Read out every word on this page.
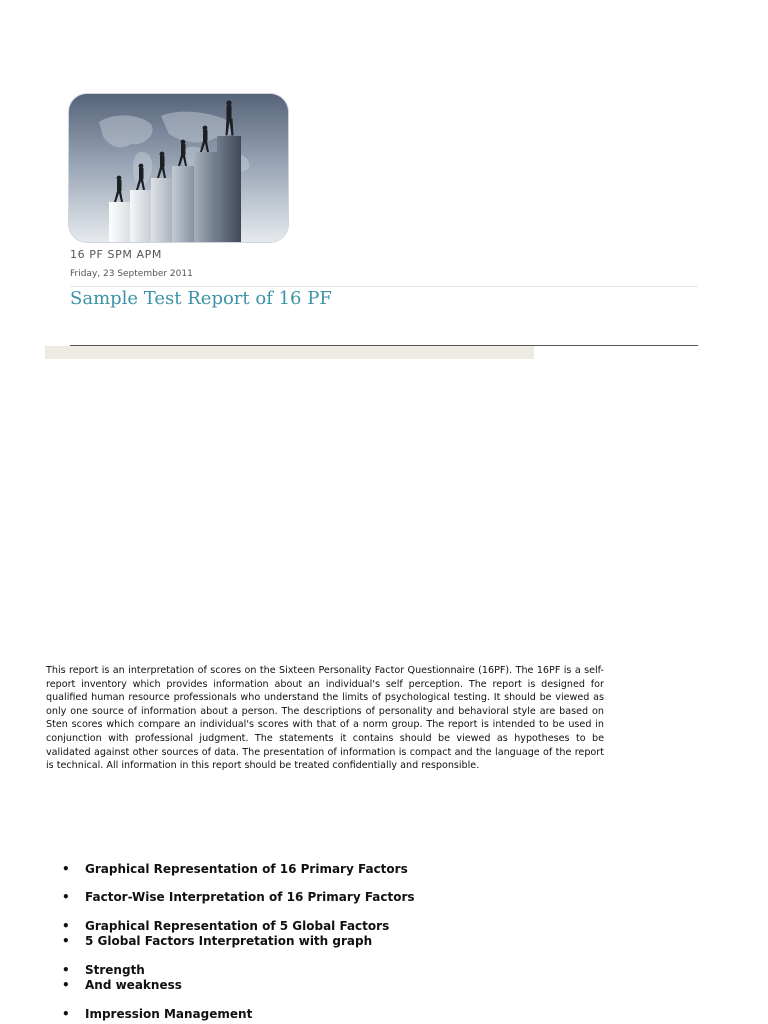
16 PF SPM APM
Friday, 23 September 2011
Sample Test Report of 16 PF
This report is an interpretation of scores on the Sixteen Personality Factor Questionnaire (16PF). The 16PF is a self-report inventory which provides information about an individual's self perception. The report is designed for qualified human resource professionals who understand the limits of psychological testing. It should be viewed as only one source of information about a person. The descriptions of personality and behavioral style are based on Sten scores which compare an individual's scores with that of a norm group. The report is intended to be used in conjunction with professional judgment. The statements it contains should be viewed as hypotheses to be validated against other sources of data. The presentation of information is compact and the language of the report is technical. All information in this report should be treated confidentially and responsible.
• Graphical Representation of 16 Primary Factors
• Factor-Wise Interpretation of 16 Primary Factors
• Graphical Representation of 5 Global Factors
• 5 Global Factors Interpretation with graph
• Strength
• And weakness
• Impression Management
